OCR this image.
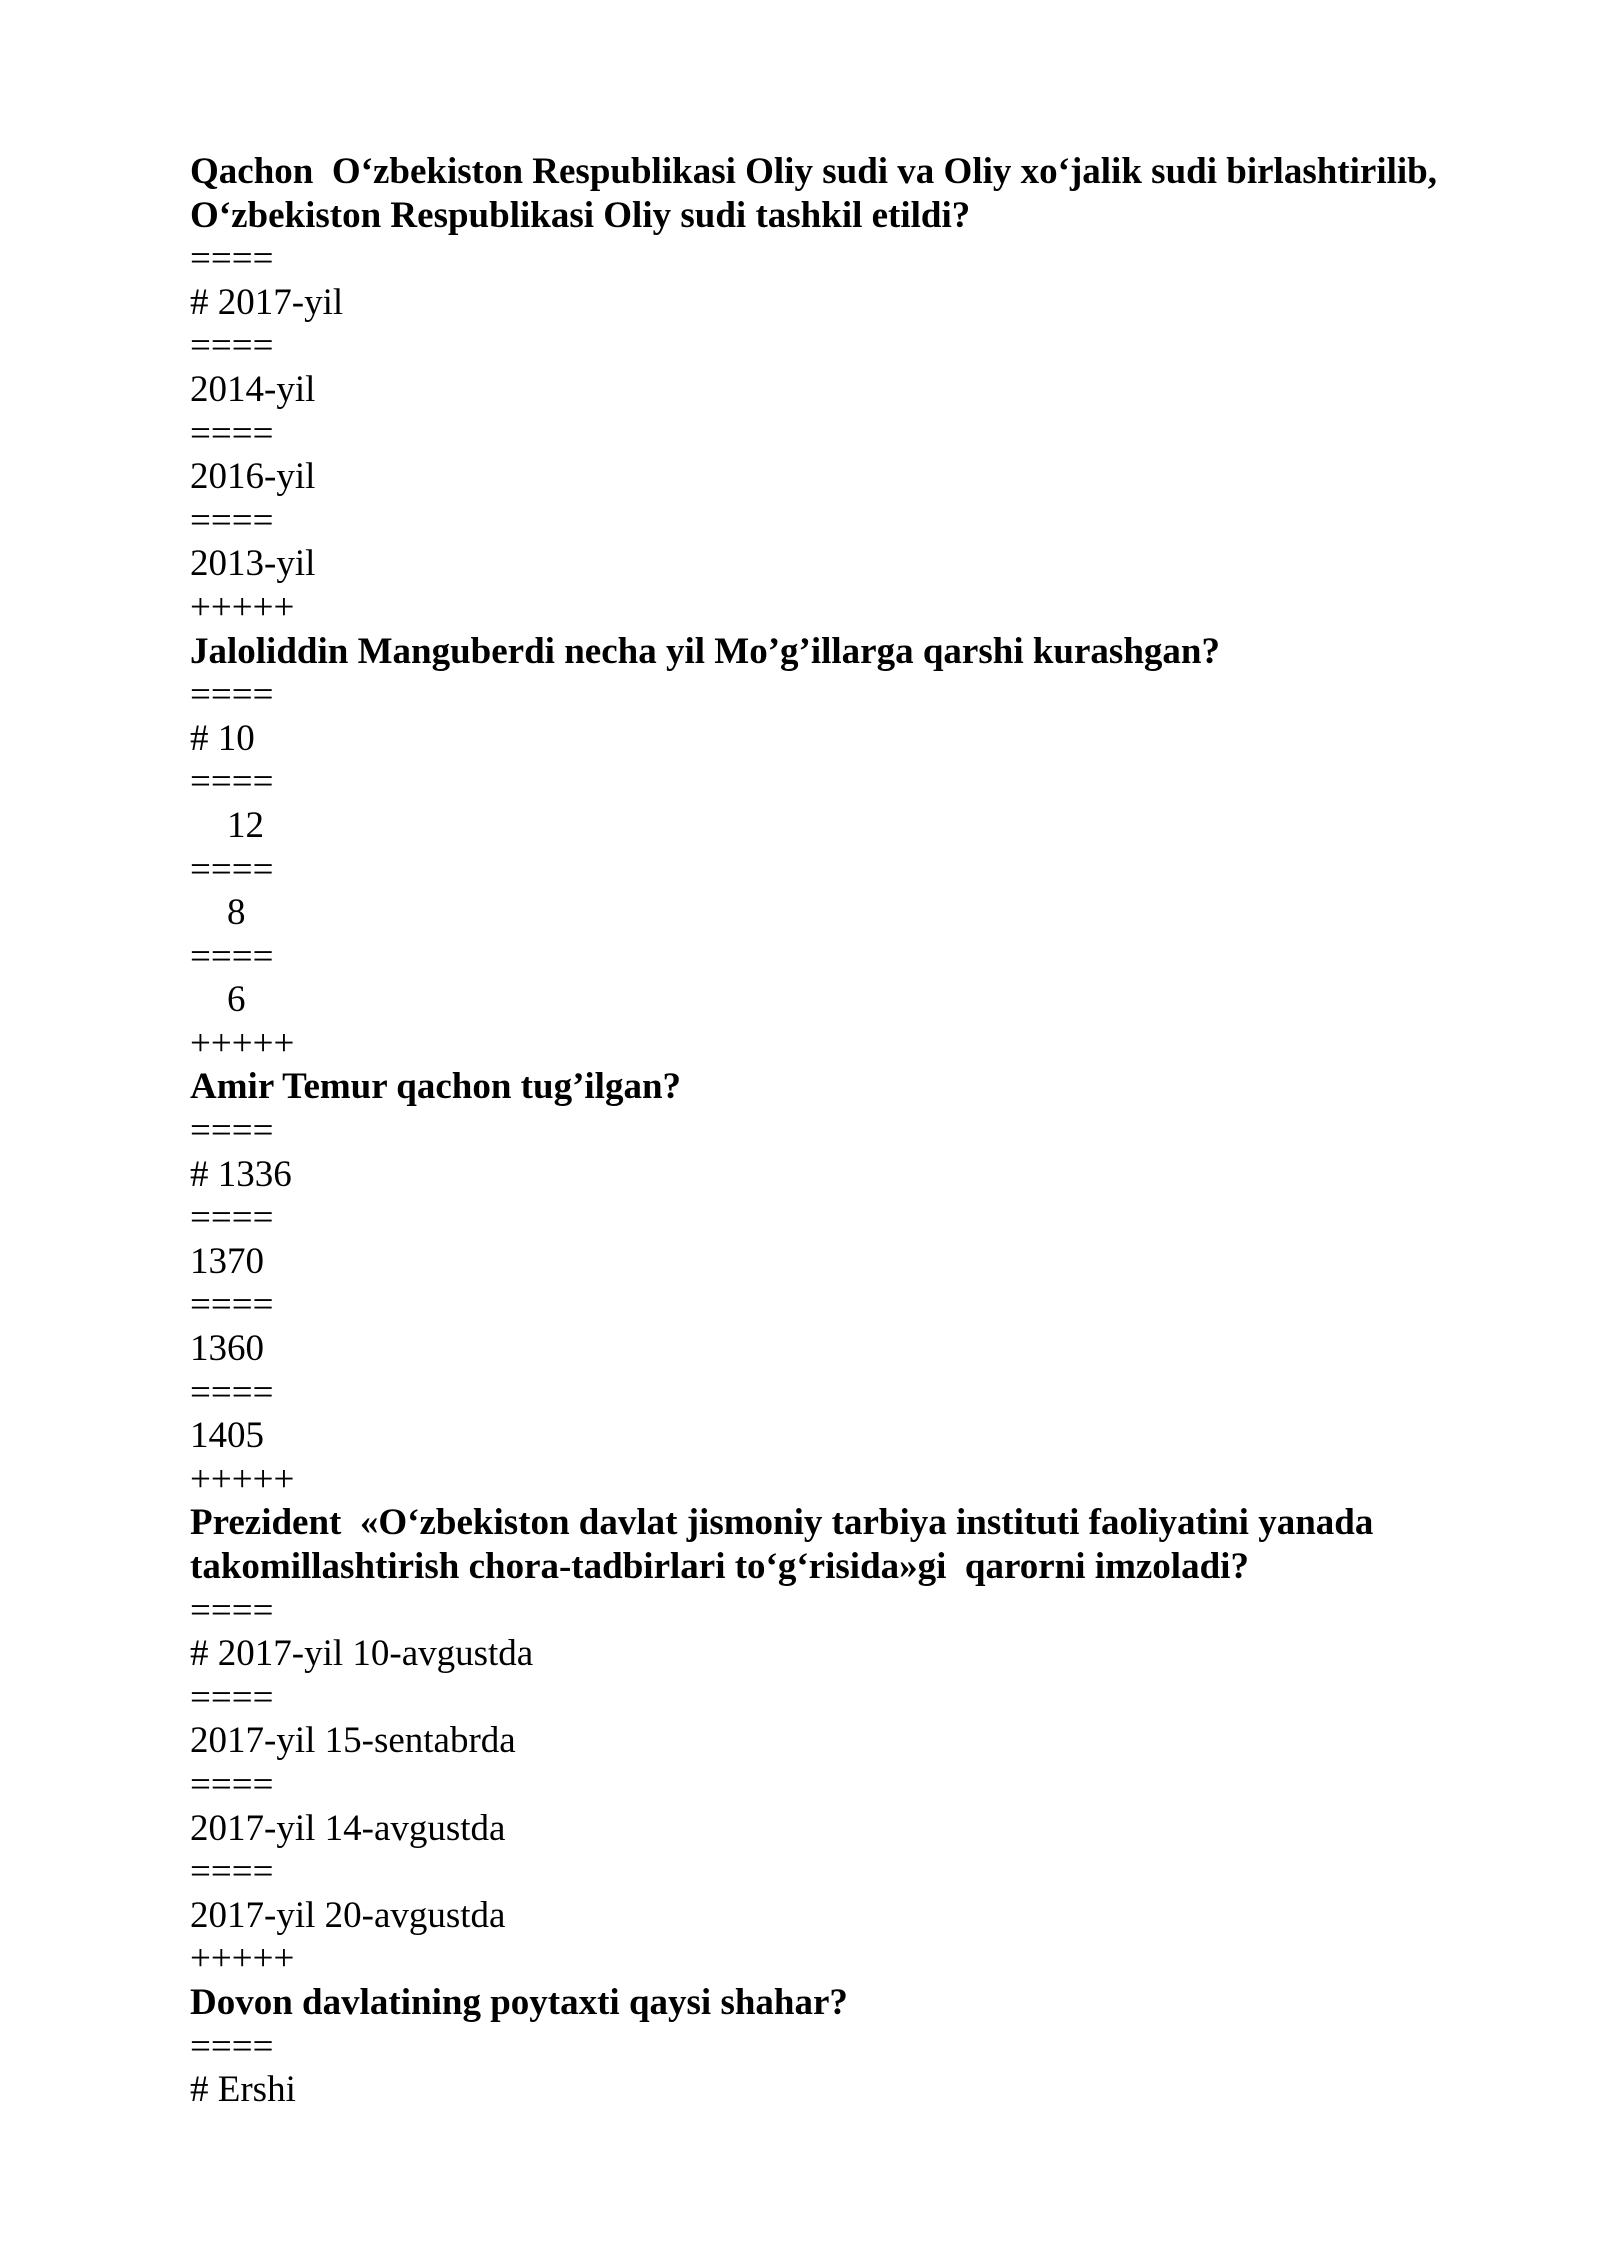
Qachon  O‘zbekiston Respublikasi Oliy sudi va Oliy xo‘jalik sudi birlashtirilib,
O‘zbekiston Respublikasi Oliy sudi tashkil etildi?
====
# 2017-yil
====
2014-yil
====
2016-yil
====
2013-yil
+++++
Jaloliddin Manguberdi necha yil Mo’g’illarga qarshi kurashgan?
====
# 10
====
12
====
8
====
6
+++++
Amir Temur qachon tug’ilgan?
====
# 1336
====
1370
====
1360
====
1405
+++++
Prezident  «O‘zbekiston davlat jismoniy tarbiya instituti faoliyatini yanada
takomillashtirish chora-tadbirlari to‘g‘risida»gi  qarorni imzoladi?
====
# 2017-yil 10-avgustda
====
2017-yil 15-sentabrda
====
2017-yil 14-avgustda
====
2017-yil 20-avgustda
+++++
Dovon davlatining poytaxti qaysi shahar?
====
# Ershi
